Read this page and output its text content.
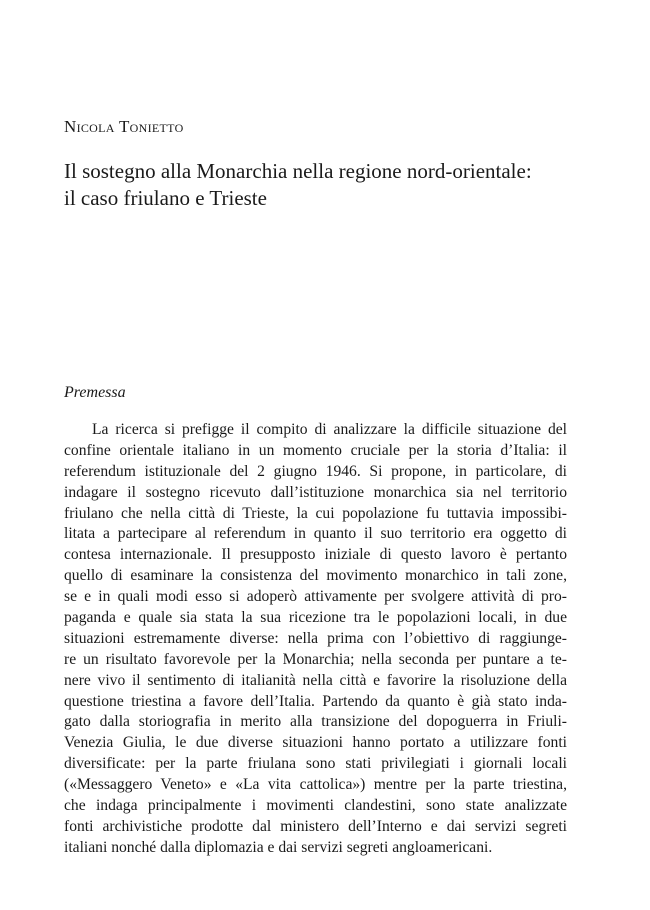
Nicola Tonietto
Il sostegno alla Monarchia nella regione nord-orientale:
il caso friulano e Trieste
Premessa
La ricerca si prefigge il compito di analizzare la difficile situazione del
confine orientale italiano in un momento cruciale per la storia d’Italia: il
referendum istituzionale del 2 giugno 1946. Si propone, in particolare, di
indagare il sostegno ricevuto dall’istituzione monarchica sia nel territorio
friulano che nella città di Trieste, la cui popolazione fu tuttavia impossibi-
litata a partecipare al referendum in quanto il suo territorio era oggetto di
contesa internazionale. Il presupposto iniziale di questo lavoro è pertanto
quello di esaminare la consistenza del movimento monarchico in tali zone,
se e in quali modi esso si adoperò attivamente per svolgere attività di pro-
paganda e quale sia stata la sua ricezione tra le popolazioni locali, in due
situazioni estremamente diverse: nella prima con l’obiettivo di raggiunge-
re un risultato favorevole per la Monarchia; nella seconda per puntare a te-
nere vivo il sentimento di italianità nella città e favorire la risoluzione della
questione triestina a favore dell’Italia. Partendo da quanto è già stato inda-
gato dalla storiografia in merito alla transizione del dopoguerra in Friuli-
Venezia Giulia, le due diverse situazioni hanno portato a utilizzare fonti
diversificate: per la parte friulana sono stati privilegiati i giornali locali
(«Messaggero Veneto» e «La vita cattolica») mentre per la parte triestina,
che indaga principalmente i movimenti clandestini, sono state analizzate
fonti archivistiche prodotte dal ministero dell’Interno e dai servizi segreti
italiani nonché dalla diplomazia e dai servizi segreti angloamericani.
